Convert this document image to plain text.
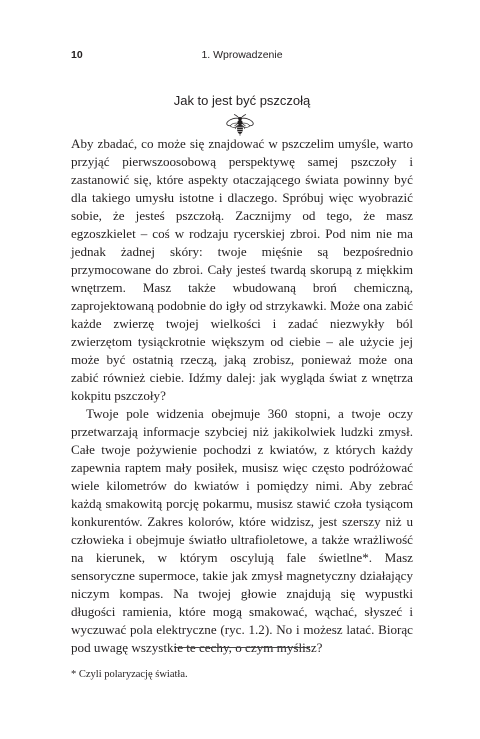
10	1. Wprowadzenie
Jak to jest być pszczołą

Aby zbadać, co może się znajdować w pszczelim umyśle, warto przyjąć pierwszoosobową perspektywę samej pszczoły i zastanowić się, które aspekty otaczającego świata powinny być dla takiego umysłu istotne i dlaczego. Spróbuj więc wyobrazić sobie, że jesteś pszczołą. Zacznijmy od tego, że masz egzoszkielet – coś w rodzaju rycerskiej zbroi. Pod nim nie ma jednak żadnej skóry: twoje mięśnie są bezpośrednio przymocowane do zbroi. Cały jesteś twardą skorupą z miękkim wnętrzem. Masz także wbudowaną broń chemiczną, zaprojektowaną podobnie do igły od strzykawki. Może ona zabić każde zwierzę twojej wielkości i zadać niezwykły ból zwierzętom tysiąckrotnie większym od ciebie – ale użycie jej może być ostatnią rzeczą, jaką zrobisz, ponieważ może ona zabić również ciebie. Idźmy dalej: jak wygląda świat z wnętrza kokpitu pszczoły?

Twoje pole widzenia obejmuje 360 stopni, a twoje oczy przetwarzają informacje szybciej niż jakikolwiek ludzki zmysł. Całe twoje pożywienie pochodzi z kwiatów, z których każdy zapewnia raptem mały posiłek, musisz więc często podróżować wiele kilometrów do kwiatów i pomiędzy nimi. Aby zebrać każdą smakowitą porcję pokarmu, musisz stawić czoła tysiącom konkurentów. Zakres kolorów, które widzisz, jest szerszy niż u człowieka i obejmuje światło ultrafioletowe, a także wrażliwość na kierunek, w którym oscylują fale świetlne*. Masz sensoryczne supermoce, takie jak zmysł magnetyczny działający niczym kompas. Na twojej głowie znajdują się wypustki długości ramienia, które mogą smakować, wąchać, słyszeć i wyczuwać pola elektryczne (ryc. 1.2). No i możesz latać. Biorąc pod uwagę wszystkie te cechy, o czym myślisz?

* Czyli polaryzację światła.
